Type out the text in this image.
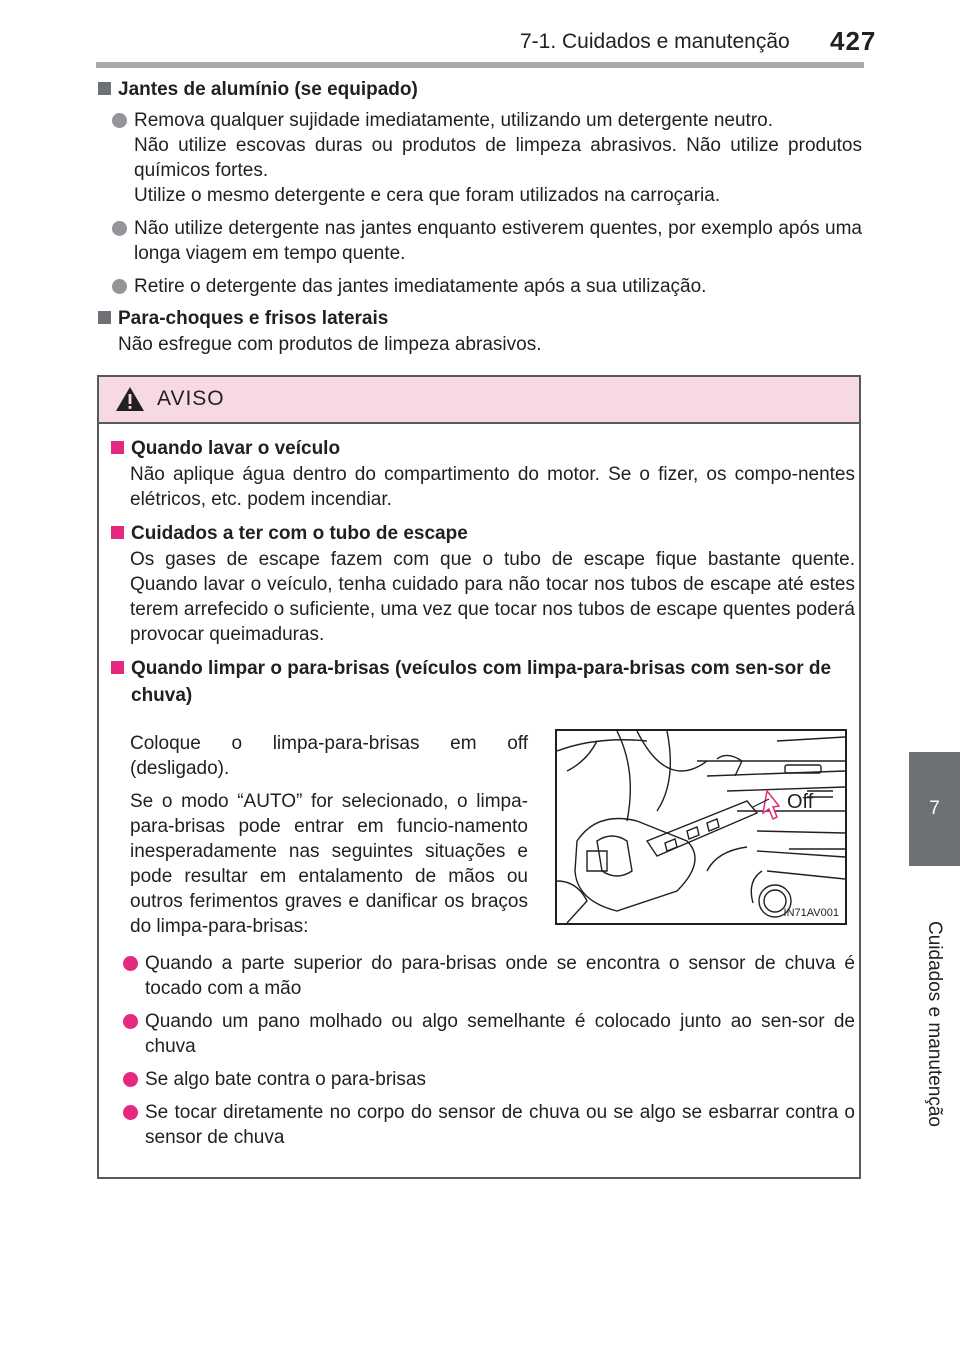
7-1. Cuidados e manutenção 427
7
Cuidados e manutenção

Jantes de alumínio (se equipado)

Remova qualquer sujidade imediatamente, utilizando um detergente neutro.
Não utilize escovas duras ou produtos de limpeza abrasivos. Não utilize produtos químicos fortes.
Utilize o mesmo detergente e cera que foram utilizados na carroçaria.

Não utilize detergente nas jantes enquanto estiverem quentes, por exemplo após uma longa viagem em tempo quente.

Retire o detergente das jantes imediatamente após a sua utilização.

Para-choques e frisos laterais

Não esfregue com produtos de limpeza abrasivos.

AVISO

Quando lavar o veículo

Não aplique água dentro do compartimento do motor. Se o fizer, os compo-nentes elétricos, etc. podem incendiar.

Cuidados a ter com o tubo de escape

Os gases de escape fazem com que o tubo de escape fique bastante quente. Quando lavar o veículo, tenha cuidado para não tocar nos tubos de escape até estes terem arrefecido o suficiente, uma vez que tocar nos tubos de escape quentes poderá provocar queimaduras.

Quando limpar o para-brisas (veículos com limpa-para-brisas com sen-sor de chuva)

Coloque o limpa-para-brisas em off (desligado).

Se o modo “AUTO” for selecionado, o limpa-para-brisas pode entrar em funcio-namento inesperadamente nas seguintes situações e pode resultar em entalamento de mãos ou outros ferimentos graves e danificar os braços do limpa-para-brisas:

Quando a parte superior do para-brisas onde se encontra o sensor de chuva é tocado com a mão

Quando um pano molhado ou algo semelhante é colocado junto ao sen-sor de chuva

Se algo bate contra o para-brisas

Se tocar diretamente no corpo do sensor de chuva ou se algo se esbarrar contra o sensor de chuva

Off
IN71AV001
